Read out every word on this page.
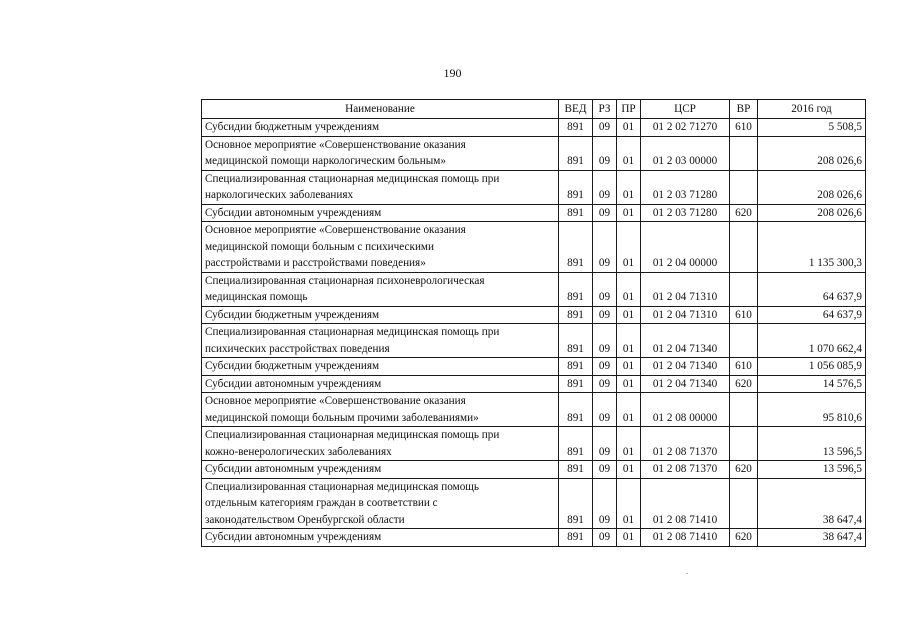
190
Наименование	ВЕД	РЗ	ПР	ЦСР	ВР	2016 год
Субсидии бюджетным учреждениям	891	09	01	01 2 02 71270	610	5 508,5
Основное мероприятие «Совершенствование оказания
медицинской помощи наркологическим больным»	891	09	01	01 2 03 00000		208 026,6
Специализированная стационарная медицинская помощь при
наркологических заболеваниях	891	09	01	01 2 03 71280		208 026,6
Субсидии автономным учреждениям	891	09	01	01 2 03 71280	620	208 026,6
Основное мероприятие «Совершенствование оказания
медицинской помощи больным с психическими
расстройствами и расстройствами поведения»	891	09	01	01 2 04 00000		1 135 300,3
Специализированная стационарная психоневрологическая
медицинская помощь	891	09	01	01 2 04 71310		64 637,9
Субсидии бюджетным учреждениям	891	09	01	01 2 04 71310	610	64 637,9
Специализированная стационарная медицинская помощь при
психических расстройствах поведения	891	09	01	01 2 04 71340		1 070 662,4
Субсидии бюджетным учреждениям	891	09	01	01 2 04 71340	610	1 056 085,9
Субсидии автономным учреждениям	891	09	01	01 2 04 71340	620	14 576,5
Основное мероприятие «Совершенствование оказания
медицинской помощи больным прочими заболеваниями»	891	09	01	01 2 08 00000		95 810,6
Специализированная стационарная медицинская помощь при
кожно-венерологических заболеваниях	891	09	01	01 2 08 71370		13 596,5
Субсидии автономным учреждениям	891	09	01	01 2 08 71370	620	13 596,5
Специализированная стационарная медицинская помощь
отдельным категориям граждан в соответствии с
законодательством Оренбургской области	891	09	01	01 2 08 71410		38 647,4
Субсидии автономным учреждениям	891	09	01	01 2 08 71410	620	38 647,4
